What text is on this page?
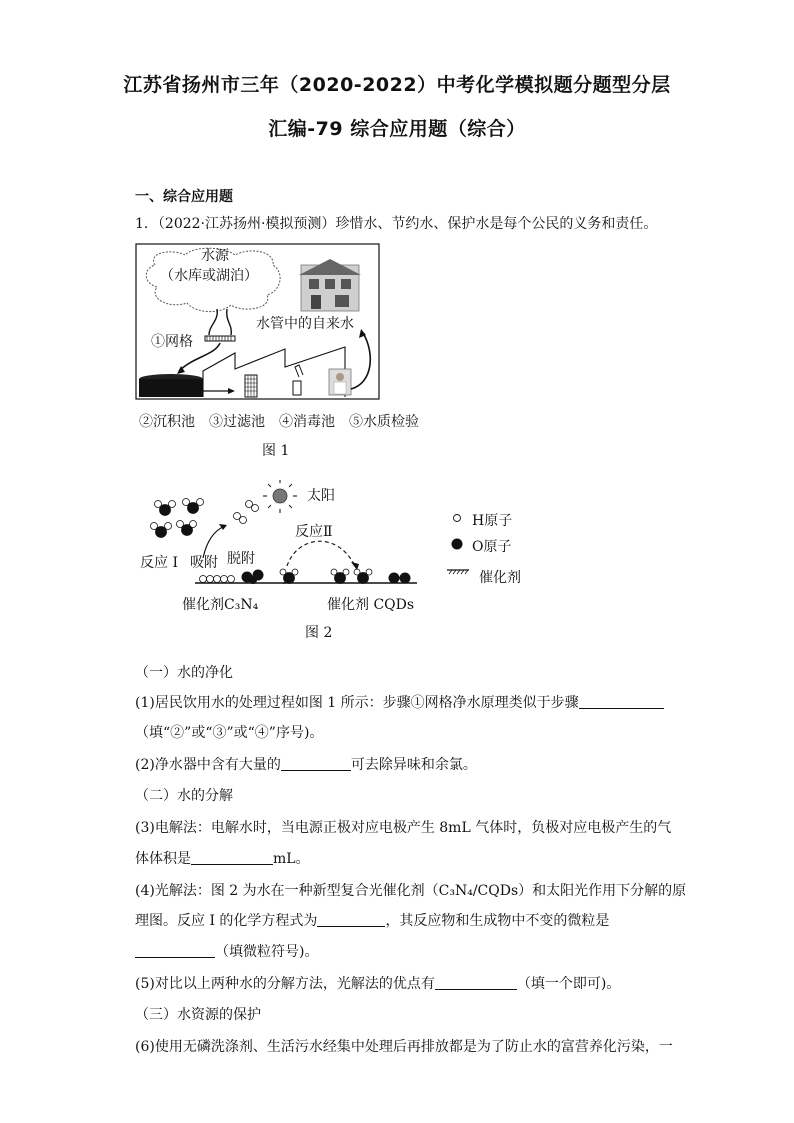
江苏省扬州市三年（2020-2022）中考化学模拟题分题型分层
汇编-79 综合应用题（综合）
一、综合应用题
1．（2022·江苏扬州·模拟预测）珍惜水、节约水、保护水是每个公民的义务和责任。
水源
（水库或湖泊）
水管中的自来水
①网格
②沉积池　③过滤池　④消毒池　⑤水质检验
图 1
太阳
反应 I 吸附 脱附
反应Ⅱ
催化剂C₃N₄	催化剂 CQDs
H原子
O原子
催化剂
图 2
（一）水的净化
(1)居民饮用水的处理过程如图 1 所示：步骤①网格净水原理类似于步骤
（填“②”或“③”或“④”序号)。
(2)净水器中含有大量的	可去除异味和余氯。
（二）水的分解
(3)电解法：电解水时，当电源正极对应电极产生 8mL 气体时，负极对应电极产生的气
体体积是	mL。
(4)光解法：图 2 为水在一种新型复合光催化剂（C₃N₄/CQDs）和太阳光作用下分解的原
理图。反应 I 的化学方程式为	，其反应物和生成物中不变的微粒是
（填微粒符号)。
(5)对比以上两种水的分解方法，光解法的优点有	（填一个即可)。
（三）水资源的保护
(6)使用无磷洗涤剂、生活污水经集中处理后再排放都是为了防止水的富营养化污染，一
